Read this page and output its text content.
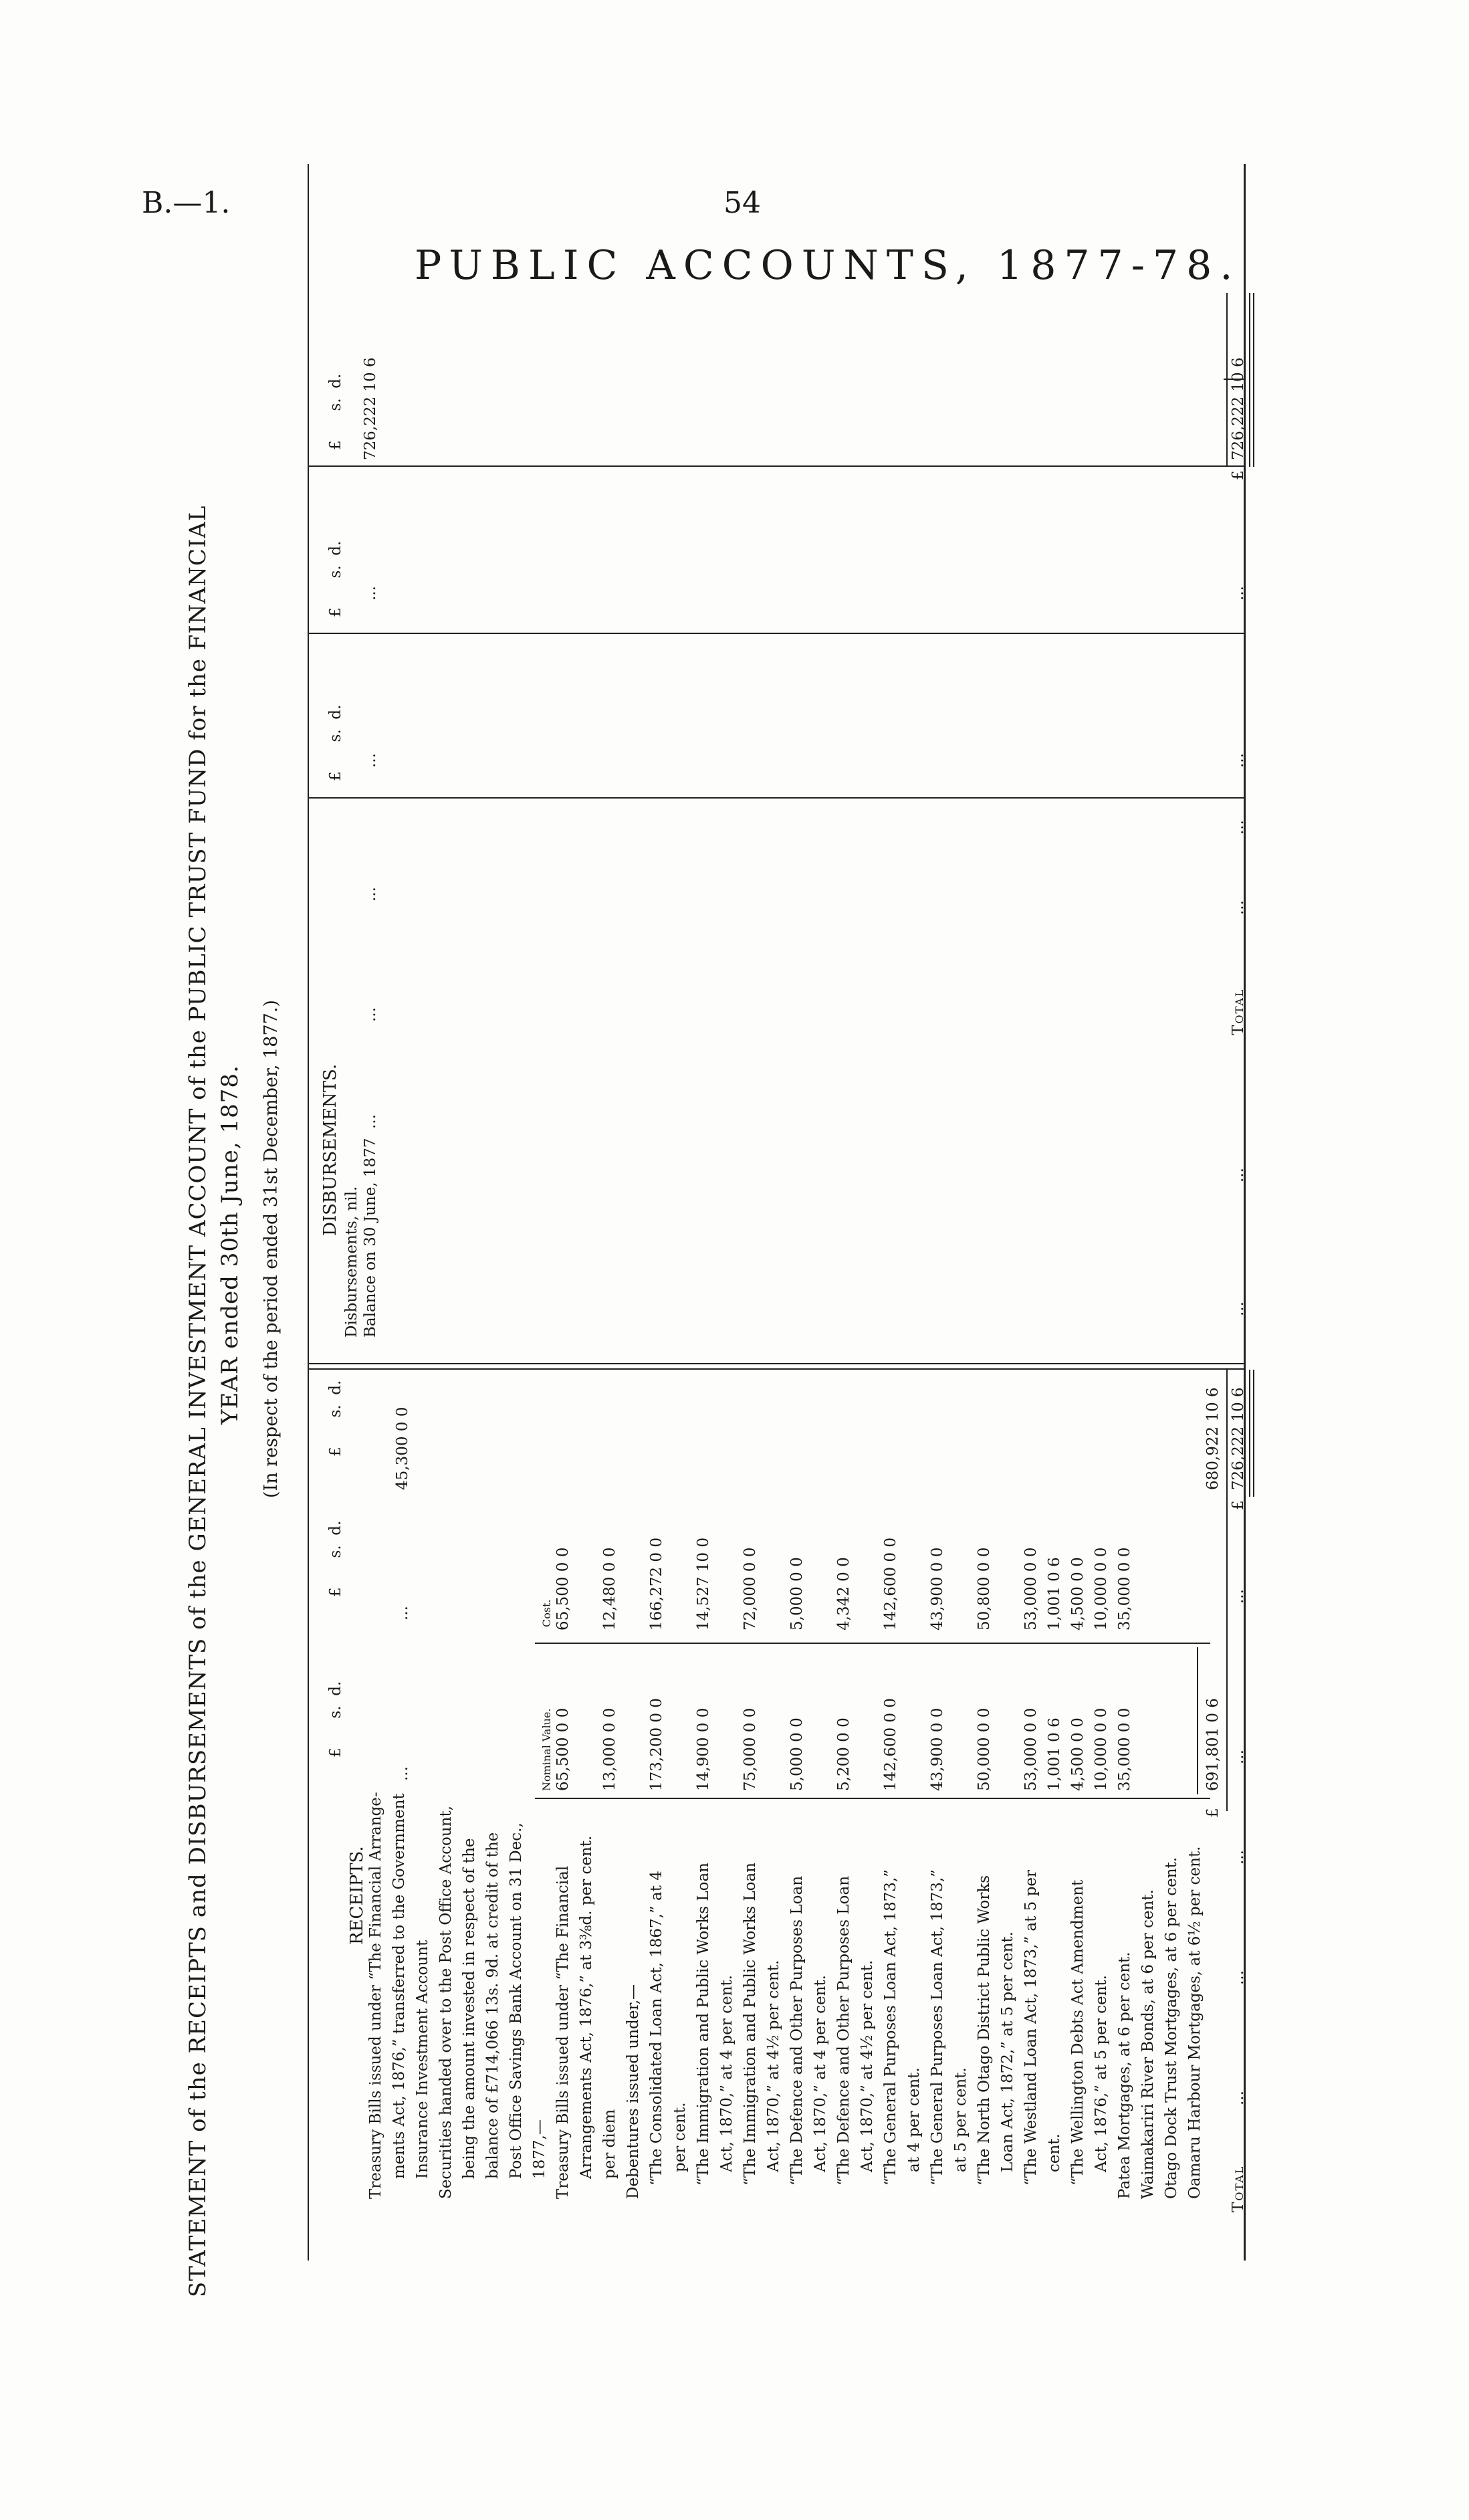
B.—1.	54
PUBLIC ACCOUNTS, 1877-78.
STATEMENT of the RECEIPTS and DISBURSEMENTS of the GENERAL INVESTMENT ACCOUNT of the PUBLIC TRUST FUND for the FINANCIAL YEAR ended 30th June, 1878. (In respect of the period ended 31st December, 1877.)
RECEIPTS. Treasury Bills issued under “The Financial Arrange- ments Act, 1876,” transferred to the Government Insurance Investment Account Securities handed over to the Post Office Account, being the amount invested in respect of the balance of £714,066 13s. 9d. at credit of the Post Office Savings Bank Account on 31 Dec., 1877,— Treasury Bills issued under “The Financial Arrangements Act, 1876,” at 3⅜d. per cent. per diem Debentures issued under,— “The Consolidated Loan Act, 1867,” at 4 per cent. “The Immigration and Public Works Loan Act, 1870,” at 4 per cent. “The Immigration and Public Works Loan Act, 1870,” at 4½ per cent. “The Defence and Other Purposes Loan Act, 1870,” at 4 per cent. “The Defence and Other Purposes Loan Act, 1870,” at 4½ per cent. “The General Purposes Loan Act, 1873,” at 4 per cent. “The General Purposes Loan Act, 1873,” at 5 per cent. “The North Otago District Public Works Loan Act, 1872,” at 5 per cent. “The Westland Loan Act, 1873,” at 5 per cent. “The Wellington Debts Act Amendment Act, 1876,” at 5 per cent. Patea Mortgages, at 6 per cent. Waimakariri River Bonds, at 6 per cent. Otago Dock Trust Mortgages, at 6 per cent. Oamaru Harbour Mortgages, at 6½ per cent.
£      s.  d.
£      s.  d.
£      s.  d.
...
...
45,300 0 0
Nominal Value.
Cost.
65,500 0 0
65,500 0 0
13,000 0 0
12,480 0 0
173,200 0 0
166,272 0 0
14,900 0 0
14,527 10 0
75,000 0 0
72,000 0 0
5,000 0 0
5,000 0 0
5,200 0 0
4,342 0 0
142,600 0 0
142,600 0 0
43,900 0 0
43,900 0 0
50,000 0 0
50,800 0 0
53,000 0 0
53,000 0 0
1,001 0 6
1,001 0 6
4,500 0 0
4,500 0 0
10,000 0 0
10,000 0 0
35,000 0 0
35,000 0 0
£
691,801 0 6
680,922 10 6
Total
...
...
...
...
...
£
726,222 10 6
DISBURSEMENTS.
Disbursements, nil. Balance on 30 June, 1877
...
...
...
£      s.  d.
£      s.  d.
£      s.  d.
...
...
726,222 10 6
Total
...
...
...
...
...
...
£
726,222 10 6
